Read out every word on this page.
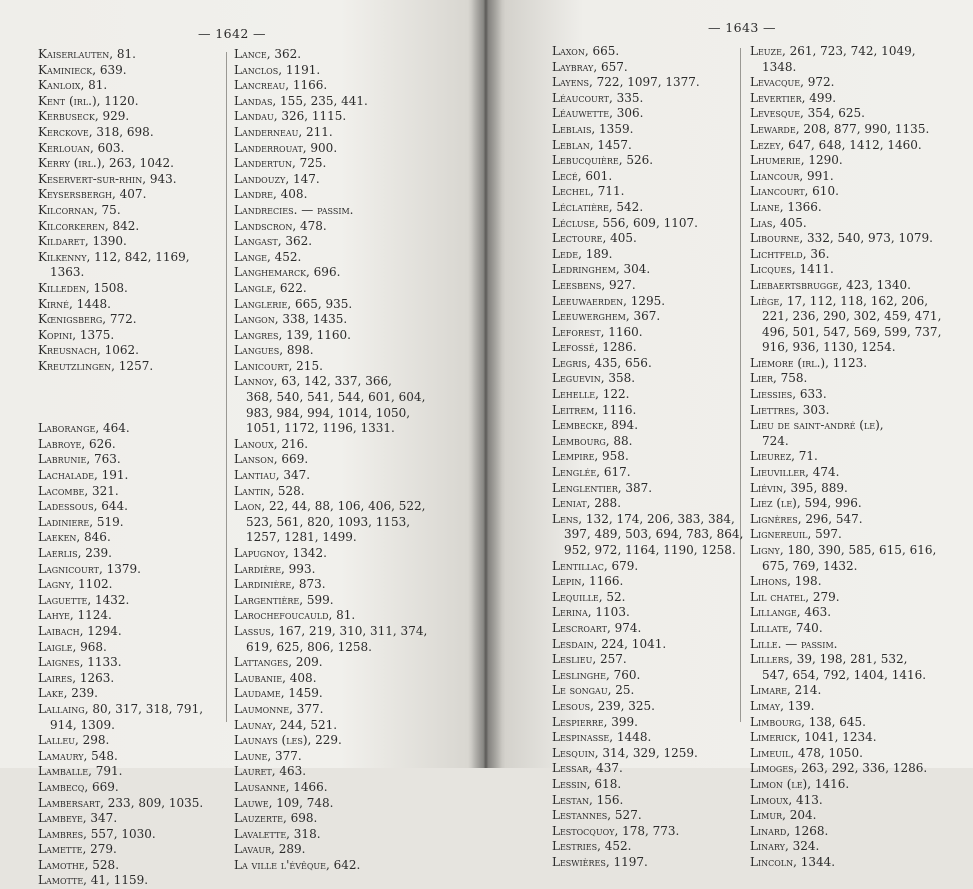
— 1642 —
Kaiserlauten, 81.
Kaminieck, 639.
Kanloix, 81.
Kent (irl.), 1120.
Kerbuseck, 929.
Kerckove, 318, 698.
Kerlouan, 603.
Kerry (irl.), 263, 1042.
Keservert-sur-rhin, 943.
Keysersbergh, 407.
Kilcornan, 75.
Kilcorkeren, 842.
Kildaret, 1390.
Kilkenny, 112, 842, 1169,
1363.
Killeden, 1508.
Kirné, 1448.
Kœnigsberg, 772.
Kopini, 1375.
Kreusnach, 1062.
Kreutzlingen, 1257.
Laborange, 464.
Labroye, 626.
Labrunie, 763.
Lachalade, 191.
Lacombe, 321.
Ladessous, 644.
Ladiniere, 519.
Laeken, 846.
Laerlis, 239.
Lagnicourt, 1379.
Lagny, 1102.
Laguette, 1432.
Lahye, 1124.
Laibach, 1294.
Laigle, 968.
Laignes, 1133.
Laires, 1263.
Lake, 239.
Lallaing, 80, 317, 318, 791,
914, 1309.
Lalleu, 298.
Lamaury, 548.
Lamballe, 791.
Lambecq, 669.
Lambersart, 233, 809, 1035.
Lambeye, 347.
Lambres, 557, 1030.
Lamette, 279.
Lamothe, 528.
Lamotte, 41, 1159.
Lance, 362.
Lanclos, 1191.
Lancreau, 1166.
Landas, 155, 235, 441.
Landau, 326, 1115.
Landerneau, 211.
Landerrouat, 900.
Landertun, 725.
Landouzy, 147.
Landre, 408.
Landrecies. — passim.
Landscron, 478.
Langast, 362.
Lange, 452.
Langhemarck, 696.
Langle, 622.
Langlerie, 665, 935.
Langon, 338, 1435.
Langres, 139, 1160.
Langues, 898.
Lanicourt, 215.
Lannoy, 63, 142, 337, 366,
368, 540, 541, 544, 601, 604,
983, 984, 994, 1014, 1050,
1051, 1172, 1196, 1331.
Lanoux, 216.
Lanson, 669.
Lantiau, 347.
Lantin, 528.
Laon, 22, 44, 88, 106, 406, 522,
523, 561, 820, 1093, 1153,
1257, 1281, 1499.
Lapugnoy, 1342.
Lardière, 993.
Lardinière, 873.
Largentière, 599.
Larochefoucauld, 81.
Lassus, 167, 219, 310, 311, 374,
619, 625, 806, 1258.
Lattanges, 209.
Laubanie, 408.
Laudame, 1459.
Laumonne, 377.
Launay, 244, 521.
Launays (les), 229.
Laune, 377.
Lauret, 463.
Lausanne, 1466.
Lauwe, 109, 748.
Lauzerte, 698.
Lavalette, 318.
Lavaur, 289.
La ville l'évêque, 642.
— 1643 —
Laxon, 665.
Laybray, 657.
Layens, 722, 1097, 1377.
Léaucourt, 335.
Léauwette, 306.
Leblais, 1359.
Leblan, 1457.
Lebucquière, 526.
Lecé, 601.
Lechel, 711.
Léclatière, 542.
Lécluse, 556, 609, 1107.
Lectoure, 405.
Lede, 189.
Ledringhem, 304.
Leesbens, 927.
Leeuwaerden, 1295.
Leeuwerghem, 367.
Leforest, 1160.
Lefossé, 1286.
Legris, 435, 656.
Leguevin, 358.
Lehelle, 122.
Leitrem, 1116.
Lembecke, 894.
Lembourg, 88.
Lempire, 958.
Lenglée, 617.
Lenglentier, 387.
Leniat, 288.
Lens, 132, 174, 206, 383, 384,
397, 489, 503, 694, 783, 864,
952, 972, 1164, 1190, 1258.
Lentillac, 679.
Lepin, 1166.
Lequille, 52.
Lerina, 1103.
Lescroart, 974.
Lesdain, 224, 1041.
Leslieu, 257.
Leslinghe, 760.
Le songau, 25.
Lesous, 239, 325.
Lespierre, 399.
Lespinasse, 1448.
Lesquin, 314, 329, 1259.
Lessar, 437.
Lessin, 618.
Lestan, 156.
Lestannes, 527.
Lestocquoy, 178, 773.
Lestries, 452.
Leswières, 1197.
Leuze, 261, 723, 742, 1049,
1348.
Levacque, 972.
Levertier, 499.
Levesque, 354, 625.
Lewarde, 208, 877, 990, 1135.
Lezey, 647, 648, 1412, 1460.
Lhumerie, 1290.
Liancour, 991.
Liancourt, 610.
Liane, 1366.
Lias, 405.
Libourne, 332, 540, 973, 1079.
Lichtfeld, 36.
Licques, 1411.
Liebaertsbrugge, 423, 1340.
Liège, 17, 112, 118, 162, 206,
221, 236, 290, 302, 459, 471,
496, 501, 547, 569, 599, 737,
916, 936, 1130, 1254.
Liemore (irl.), 1123.
Lier, 758.
Liessies, 633.
Liettres, 303.
Lieu de saint-andré (le),
724.
Lieurez, 71.
Lieuviller, 474.
Liévin, 395, 889.
Liez (le), 594, 996.
Lignères, 296, 547.
Lignereuil, 597.
Ligny, 180, 390, 585, 615, 616,
675, 769, 1432.
Lihons, 198.
Lil chatel, 279.
Lillange, 463.
Lillate, 740.
Lille. — passim.
Lillers, 39, 198, 281, 532,
547, 654, 792, 1404, 1416.
Limare, 214.
Limay, 139.
Limbourg, 138, 645.
Limerick, 1041, 1234.
Limeuil, 478, 1050.
Limoges, 263, 292, 336, 1286.
Limon (le), 1416.
Limoux, 413.
Limur, 204.
Linard, 1268.
Linary, 324.
Lincoln, 1344.
